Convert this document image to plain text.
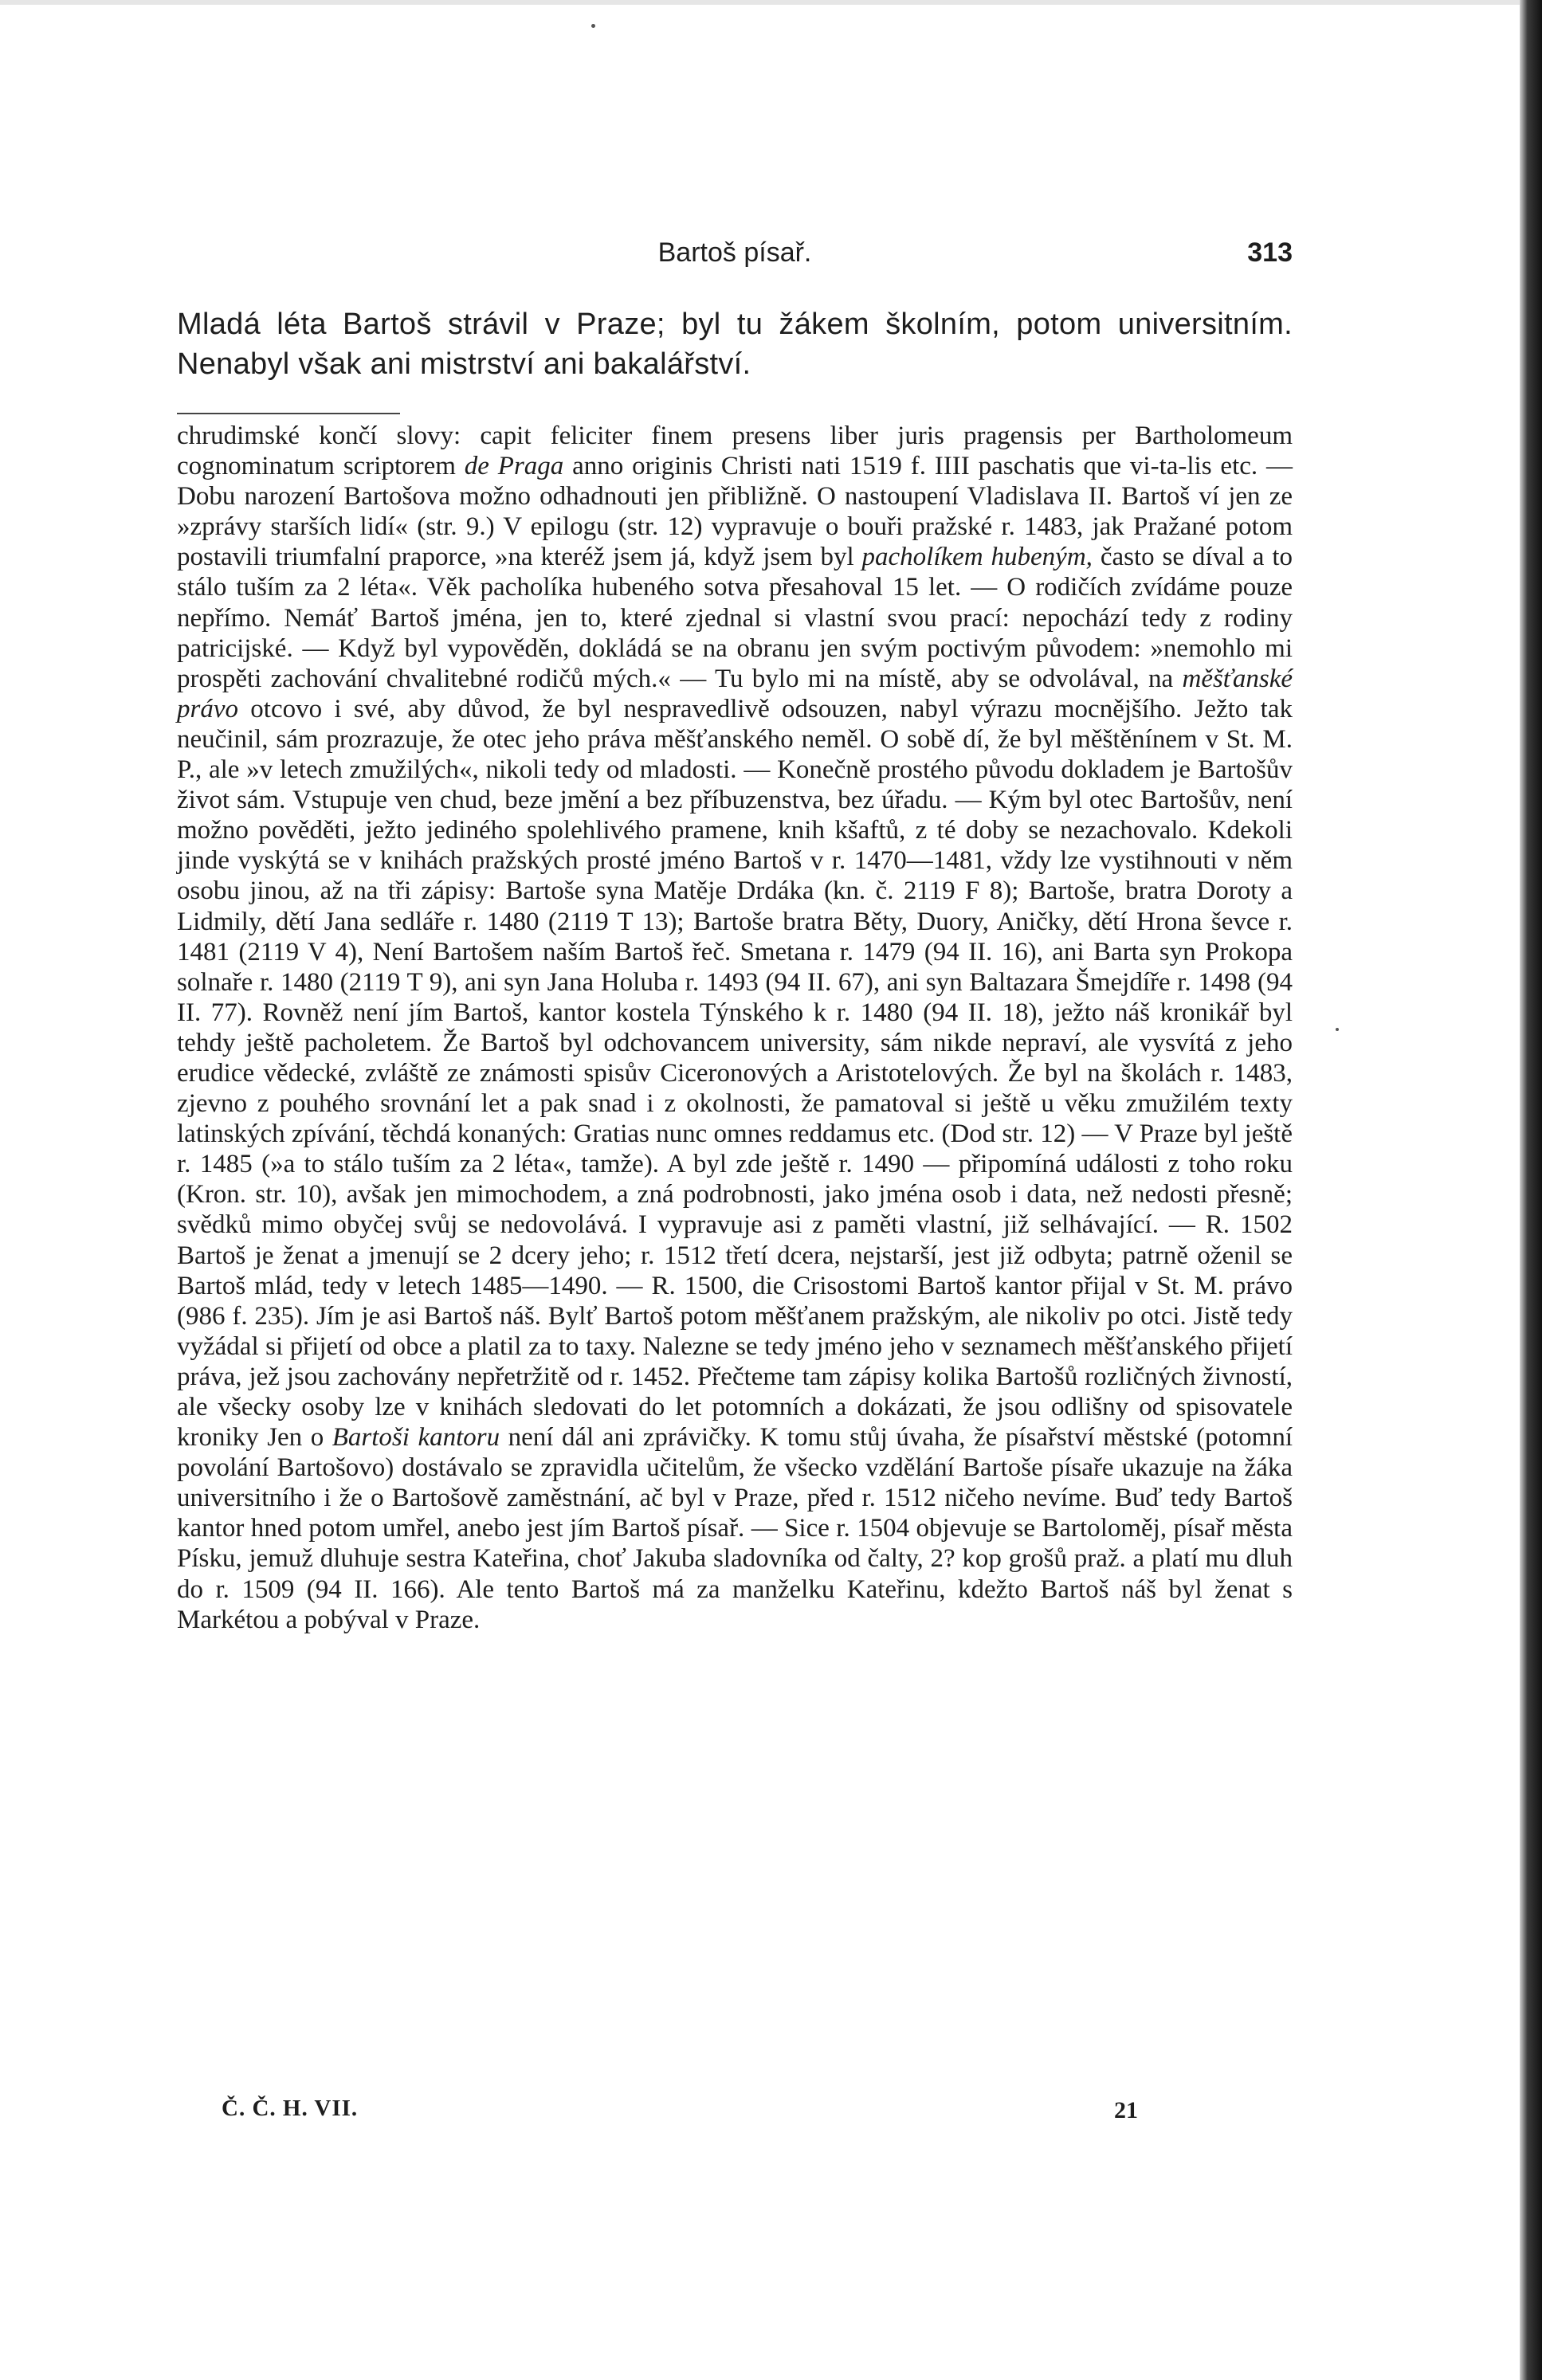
Bartoš písař.	313
Mladá léta Bartoš strávil v Praze; byl tu žákem školním, potom universitním. Nenabyl však ani mistrství ani bakalářství.
chrudimské končí slovy: capit feliciter finem presens liber juris pragensis per Bartholomeum cognominatum scriptorem de Praga anno originis Christi nati 1519 f. IIII paschatis que vi-ta-lis etc. — Dobu narození Bartošova možno odhadnouti jen přibližně. O nastoupení Vladislava II. Bartoš ví jen ze »zprávy starších lidí« (str. 9.) V epilogu (str. 12) vypravuje o bouři pražské r. 1483, jak Pražané potom postavili triumfalní praporce, »na kteréž jsem já, když jsem byl pacholíkem hubeným, často se díval a to stálo tuším za 2 léta«. Věk pacholíka hubeného sotva přesahoval 15 let. — O rodičích zvídáme pouze nepřímo. Nemáť Bartoš jména, jen to, které zjednal si vlastní svou prací: nepochází tedy z rodiny patricijské. — Když byl vypověděn, dokládá se na obranu jen svým poctivým původem: »nemohlo mi prospěti zachování chvalitebné rodičů mých.« — Tu bylo mi na místě, aby se odvolával, na měšťanské právo otcovo i své, aby důvod, že byl nespravedlivě odsouzen, nabyl výrazu mocnějšího. Ježto tak neučinil, sám prozrazuje, že otec jeho práva měšťanského neměl. O sobě dí, že byl měštěnínem v St. M. P., ale »v letech zmužilých«, nikoli tedy od mladosti. — Konečně prostého původu dokladem je Bartošův život sám. Vstupuje ven chud, beze jmění a bez příbuzenstva, bez úřadu. — Kým byl otec Bartošův, není možno pověděti, ježto jediného spolehlivého pramene, knih kšaftů, z té doby se nezachovalo. Kdekoli jinde vyskýtá se v knihách pražských prosté jméno Bartoš v r. 1470—1481, vždy lze vystihnouti v něm osobu jinou, až na tři zápisy: Bartoše syna Matěje Drdáka (kn. č. 2119 F 8); Bartoše, bratra Doroty a Lidmily, dětí Jana sedláře r. 1480 (2119 T 13); Bartoše bratra Běty, Duory, Aničky, dětí Hrona ševce r. 1481 (2119 V 4), Není Bartošem naším Bartoš řeč. Smetana r. 1479 (94 II. 16), ani Barta syn Prokopa solnaře r. 1480 (2119 T 9), ani syn Jana Holuba r. 1493 (94 II. 67), ani syn Baltazara Šmejdíře r. 1498 (94 II. 77). Rovněž není jím Bartoš, kantor kostela Týnského k r. 1480 (94 II. 18), ježto náš kronikář byl tehdy ještě pacholetem. Že Bartoš byl odchovancem university, sám nikde nepraví, ale vysvítá z jeho erudice vědecké, zvláště ze známosti spisův Ciceronových a Aristotelových. Že byl na školách r. 1483, zjevno z pouhého srovnání let a pak snad i z okolnosti, že pamatoval si ještě u věku zmužilém texty latinských zpívání, těchdá konaných: Gratias nunc omnes reddamus etc. (Dod str. 12) — V Praze byl ještě r. 1485 (»a to stálo tuším za 2 léta«, tamže). A byl zde ještě r. 1490 — připomíná události z toho roku (Kron. str. 10), avšak jen mimochodem, a zná podrobnosti, jako jména osob i data, než nedosti přesně; svědků mimo obyčej svůj se nedovolává. I vypravuje asi z paměti vlastní, již selhávající. — R. 1502 Bartoš je ženat a jmenují se 2 dcery jeho; r. 1512 třetí dcera, nejstarší, jest již odbyta; patrně oženil se Bartoš mlád, tedy v letech 1485—1490. — R. 1500, die Crisostomi Bartoš kantor přijal v St. M. právo (986 f. 235). Jím je asi Bartoš náš. Bylť Bartoš potom měšťanem pražským, ale nikoliv po otci. Jistě tedy vyžádal si přijetí od obce a platil za to taxy. Nalezne se tedy jméno jeho v seznamech měšťanského přijetí práva, jež jsou zachovány nepřetržitě od r. 1452. Přečteme tam zápisy kolika Bartošů rozličných živností, ale všecky osoby lze v knihách sledovati do let potomních a dokázati, že jsou odlišny od spisovatele kroniky Jen o Bartoši kantoru není dál ani zprávičky. K tomu stůj úvaha, že písařství městské (potomní povolání Bartošovo) dostávalo se zpravidla učitelům, že všecko vzdělání Bartoše písaře ukazuje na žáka universitního i že o Bartošově zaměstnání, ač byl v Praze, před r. 1512 ničeho nevíme. Buď tedy Bartoš kantor hned potom umřel, anebo jest jím Bartoš písař. — Sice r. 1504 objevuje se Bartoloměj, písař města Písku, jemuž dluhuje sestra Kateřina, choť Jakuba sladovníka od čalty, 2? kop grošů praž. a platí mu dluh do r. 1509 (94 II. 166). Ale tento Bartoš má za manželku Kateřinu, kdežto Bartoš náš byl ženat s Markétou a pobýval v Praze.
Č. Č. H. VII.	21
